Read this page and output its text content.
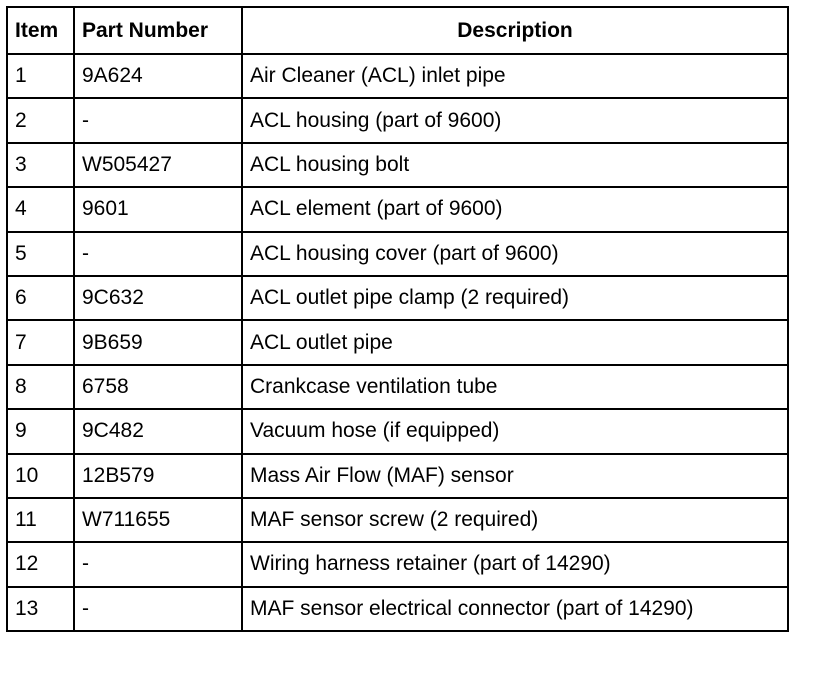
Item	Part Number	Description
1	9A624	Air Cleaner (ACL) inlet pipe
2	-	ACL housing (part of 9600)
3	W505427	ACL housing bolt
4	9601	ACL element (part of 9600)
5	-	ACL housing cover (part of 9600)
6	9C632	ACL outlet pipe clamp (2 required)
7	9B659	ACL outlet pipe
8	6758	Crankcase ventilation tube
9	9C482	Vacuum hose (if equipped)
10	12B579	Mass Air Flow (MAF) sensor
11	W711655	MAF sensor screw (2 required)
12	-	Wiring harness retainer (part of 14290)
13	-	MAF sensor electrical connector (part of 14290)
